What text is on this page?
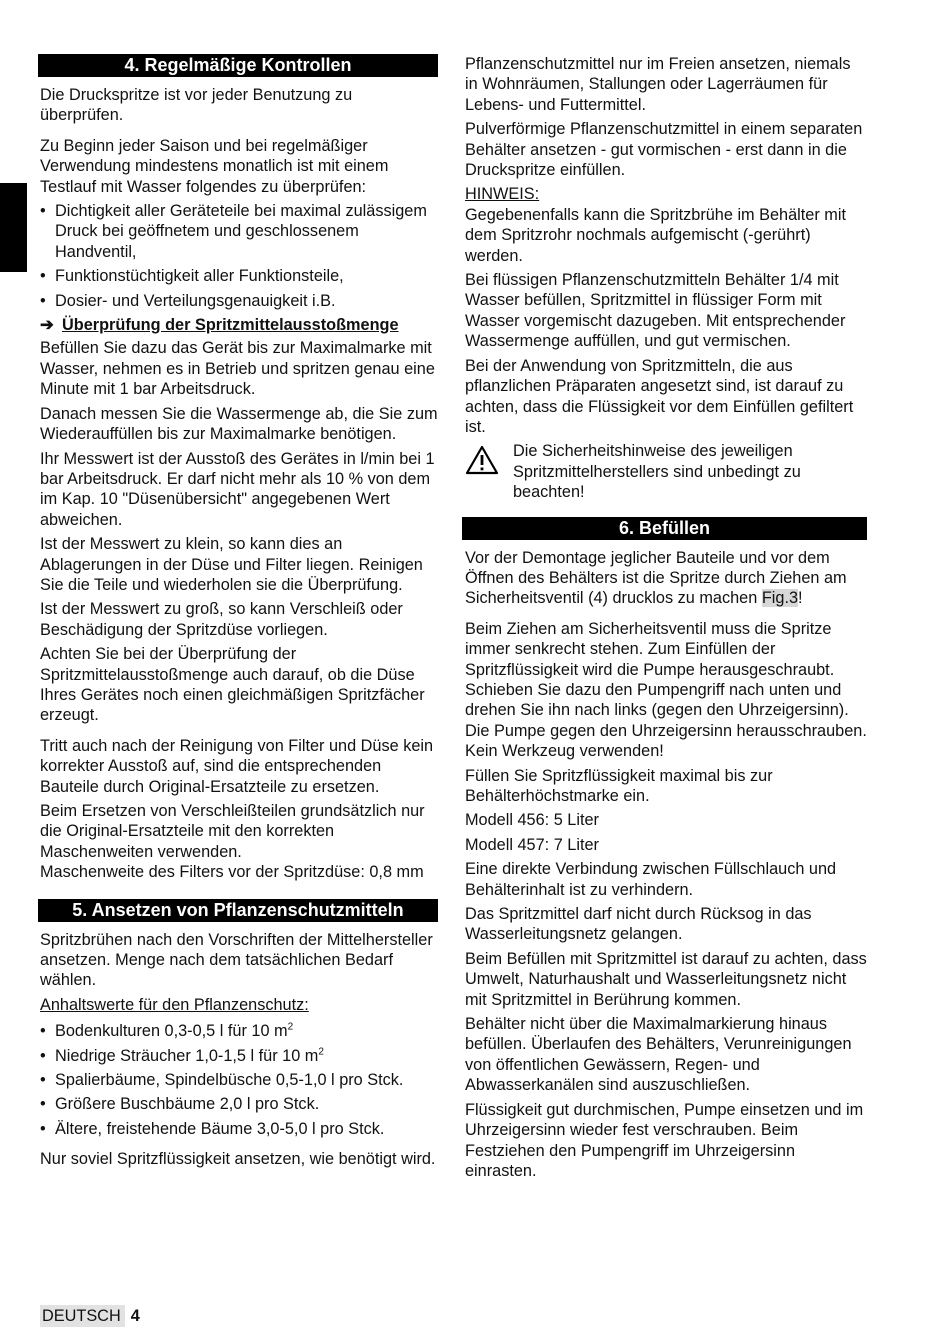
4. Regelmäßige Kontrollen

Die Druckspritze ist vor jeder Benutzung zu überprüfen.

Zu Beginn jeder Saison und bei regelmäßiger Verwendung mindestens monatlich ist mit einem Testlauf mit Wasser folgendes zu überprüfen:

• Dichtigkeit aller Geräteteile bei maximal zulässigem Druck bei geöffnetem und geschlossenem Handventil,
• Funktionstüchtigkeit aller Funktionsteile,
• Dosier- und Verteilungsgenauigkeit i.B.
➔ Überprüfung der Spritzmittelausstoßmenge

Befüllen Sie dazu das Gerät bis zur Maximalmarke mit Wasser, nehmen es in Betrieb und spritzen genau eine Minute mit 1 bar Arbeitsdruck.

Danach messen Sie die Wassermenge ab, die Sie zum Wiederauffüllen bis zur Maximalmarke benötigen.

Ihr Messwert ist der Ausstoß des Gerätes in l/min bei 1 bar Arbeitsdruck. Er darf nicht mehr als 10 % von dem im Kap. 10 "Düsenübersicht" angegebenen Wert abweichen.

Ist der Messwert zu klein, so kann dies an Ablagerungen in der Düse und Filter liegen. Reinigen Sie die Teile und wiederholen sie die Überprüfung.

Ist der Messwert zu groß, so kann Verschleiß oder Beschädigung der Spritzdüse vorliegen.

Achten Sie bei der Überprüfung der Spritzmittelausstoßmenge auch darauf, ob die Düse Ihres Gerätes noch einen gleichmäßigen Spritzfächer erzeugt.

Tritt auch nach der Reinigung von Filter und Düse kein korrekter Ausstoß auf, sind die entsprechenden Bauteile durch Original-Ersatzteile zu ersetzen.

Beim Ersetzen von Verschleißteilen grundsätzlich nur die Original-Ersatzteile mit den korrekten Maschenweiten verwenden.

Maschenweite des Filters vor der Spritzdüse: 0,8 mm

5. Ansetzen von Pflanzenschutzmitteln

Spritzbrühen nach den Vorschriften der Mittelhersteller ansetzen. Menge nach dem tatsächlichen Bedarf wählen.

Anhaltswerte für den Pflanzenschutz:

• Bodenkulturen 0,3-0,5 l für 10 $m^2$
• Niedrige Sträucher 1,0-1,5 l für 10 $m^2$
• Spalierbäume, Spindelbüsche 0,5-1,0 l pro Stck.
• Größere Buschbäume 2,0 l pro Stck.
• Ältere, freistehende Bäume 3,0-5,0 l pro Stck.

Nur soviel Spritzflüssigkeit ansetzen, wie benötigt wird.

Pflanzenschutzmittel nur im Freien ansetzen, niemals in Wohnräumen, Stallungen oder Lagerräumen für Lebens- und Futtermittel.

Pulverförmige Pflanzenschutzmittel in einem separaten Behälter ansetzen - gut vormischen - erst dann in die Druckspritze einfüllen.

HINWEIS:

Gegebenenfalls kann die Spritzbrühe im Behälter mit dem Spritzrohr nochmals aufgemischt (-gerührt) werden.

Bei flüssigen Pflanzenschutzmitteln Behälter 1/4 mit Wasser befüllen, Spritzmittel in flüssiger Form mit Wasser vorgemischt dazugeben. Mit entsprechender Wassermenge auffüllen, und gut vermischen.

Bei der Anwendung von Spritzmitteln, die aus pflanzlichen Präparaten angesetzt sind, ist darauf zu achten, dass die Flüssigkeit vor dem Einfüllen gefiltert ist.

Die Sicherheitshinweise des jeweiligen Spritzmittelherstellers sind unbedingt zu beachten!
6. Befüllen

Vor der Demontage jeglicher Bauteile und vor dem Öffnen des Behälters ist die Spritze durch Ziehen am Sicherheitsventil (4) drucklos zu machen Fig.3!

Beim Ziehen am Sicherheitsventil muss die Spritze immer senkrecht stehen. Zum Einfüllen der Spritzflüssigkeit wird die Pumpe herausgeschraubt. Schieben Sie dazu den Pumpengriff nach unten und drehen Sie ihn nach links (gegen den Uhrzeigersinn). Die Pumpe gegen den Uhrzeigersinn herausschrauben. Kein Werkzeug verwenden!

Füllen Sie Spritzflüssigkeit maximal bis zur Behälterhöchstmarke ein.

Modell 456: 5 Liter

Modell 457: 7 Liter

Eine direkte Verbindung zwischen Füllschlauch und Behälterinhalt ist zu verhindern.

Das Spritzmittel darf nicht durch Rücksog in das Wasserleitungsnetz gelangen.

Beim Befüllen mit Spritzmittel ist darauf zu achten, dass Umwelt, Naturhaushalt und Wasserleitungsnetz nicht mit Spritzmittel in Berührung kommen.

Behälter nicht über die Maximalmarkierung hinaus befüllen. Überlaufen des Behälters, Verunreinigungen von öffentlichen Gewässern, Regen- und Abwasserkanälen sind auszuschließen.

Flüssigkeit gut durchmischen, Pumpe einsetzen und im Uhrzeigersinn wieder fest verschrauben. Beim Festziehen den Pumpengriff im Uhrzeigersinn einrasten.

DEUTSCH 4
